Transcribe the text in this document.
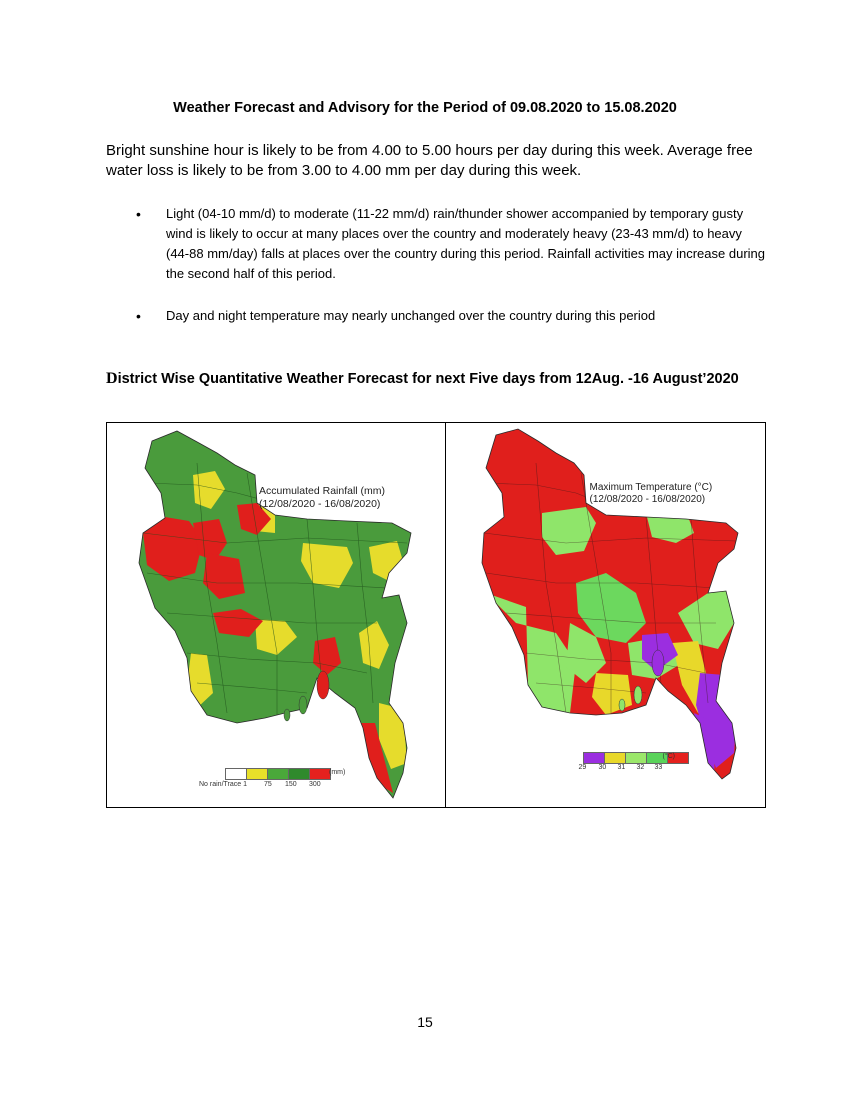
Weather Forecast and Advisory for the Period of 09.08.2020 to 15.08.2020
Bright sunshine hour is likely to be from 4.00 to 5.00 hours per day during this week. Average free water loss is likely to be from 3.00 to 4.00 mm per day during this week.
• Light (04-10 mm/d) to moderate (11-22 mm/d) rain/thunder shower accompanied by temporary gusty wind is likely to occur at many places over the country and moderately heavy (23-43 mm/d) to heavy (44-88 mm/day) falls at places over the country during this period. Rainfall activities may increase during the second half of this period.
• Day and night temperature may nearly unchanged over the country during this period
District Wise Quantitative Weather Forecast for next Five days from 12Aug. -16 August’2020
Accumulated Rainfall (mm)
(12/08/2020 - 16/08/2020)
No rain/Trace 1 75 150 300
(mm)
Maximum Temperature (°C)
(12/08/2020 - 16/08/2020)
29 30 31 32 33
(°C)
15
